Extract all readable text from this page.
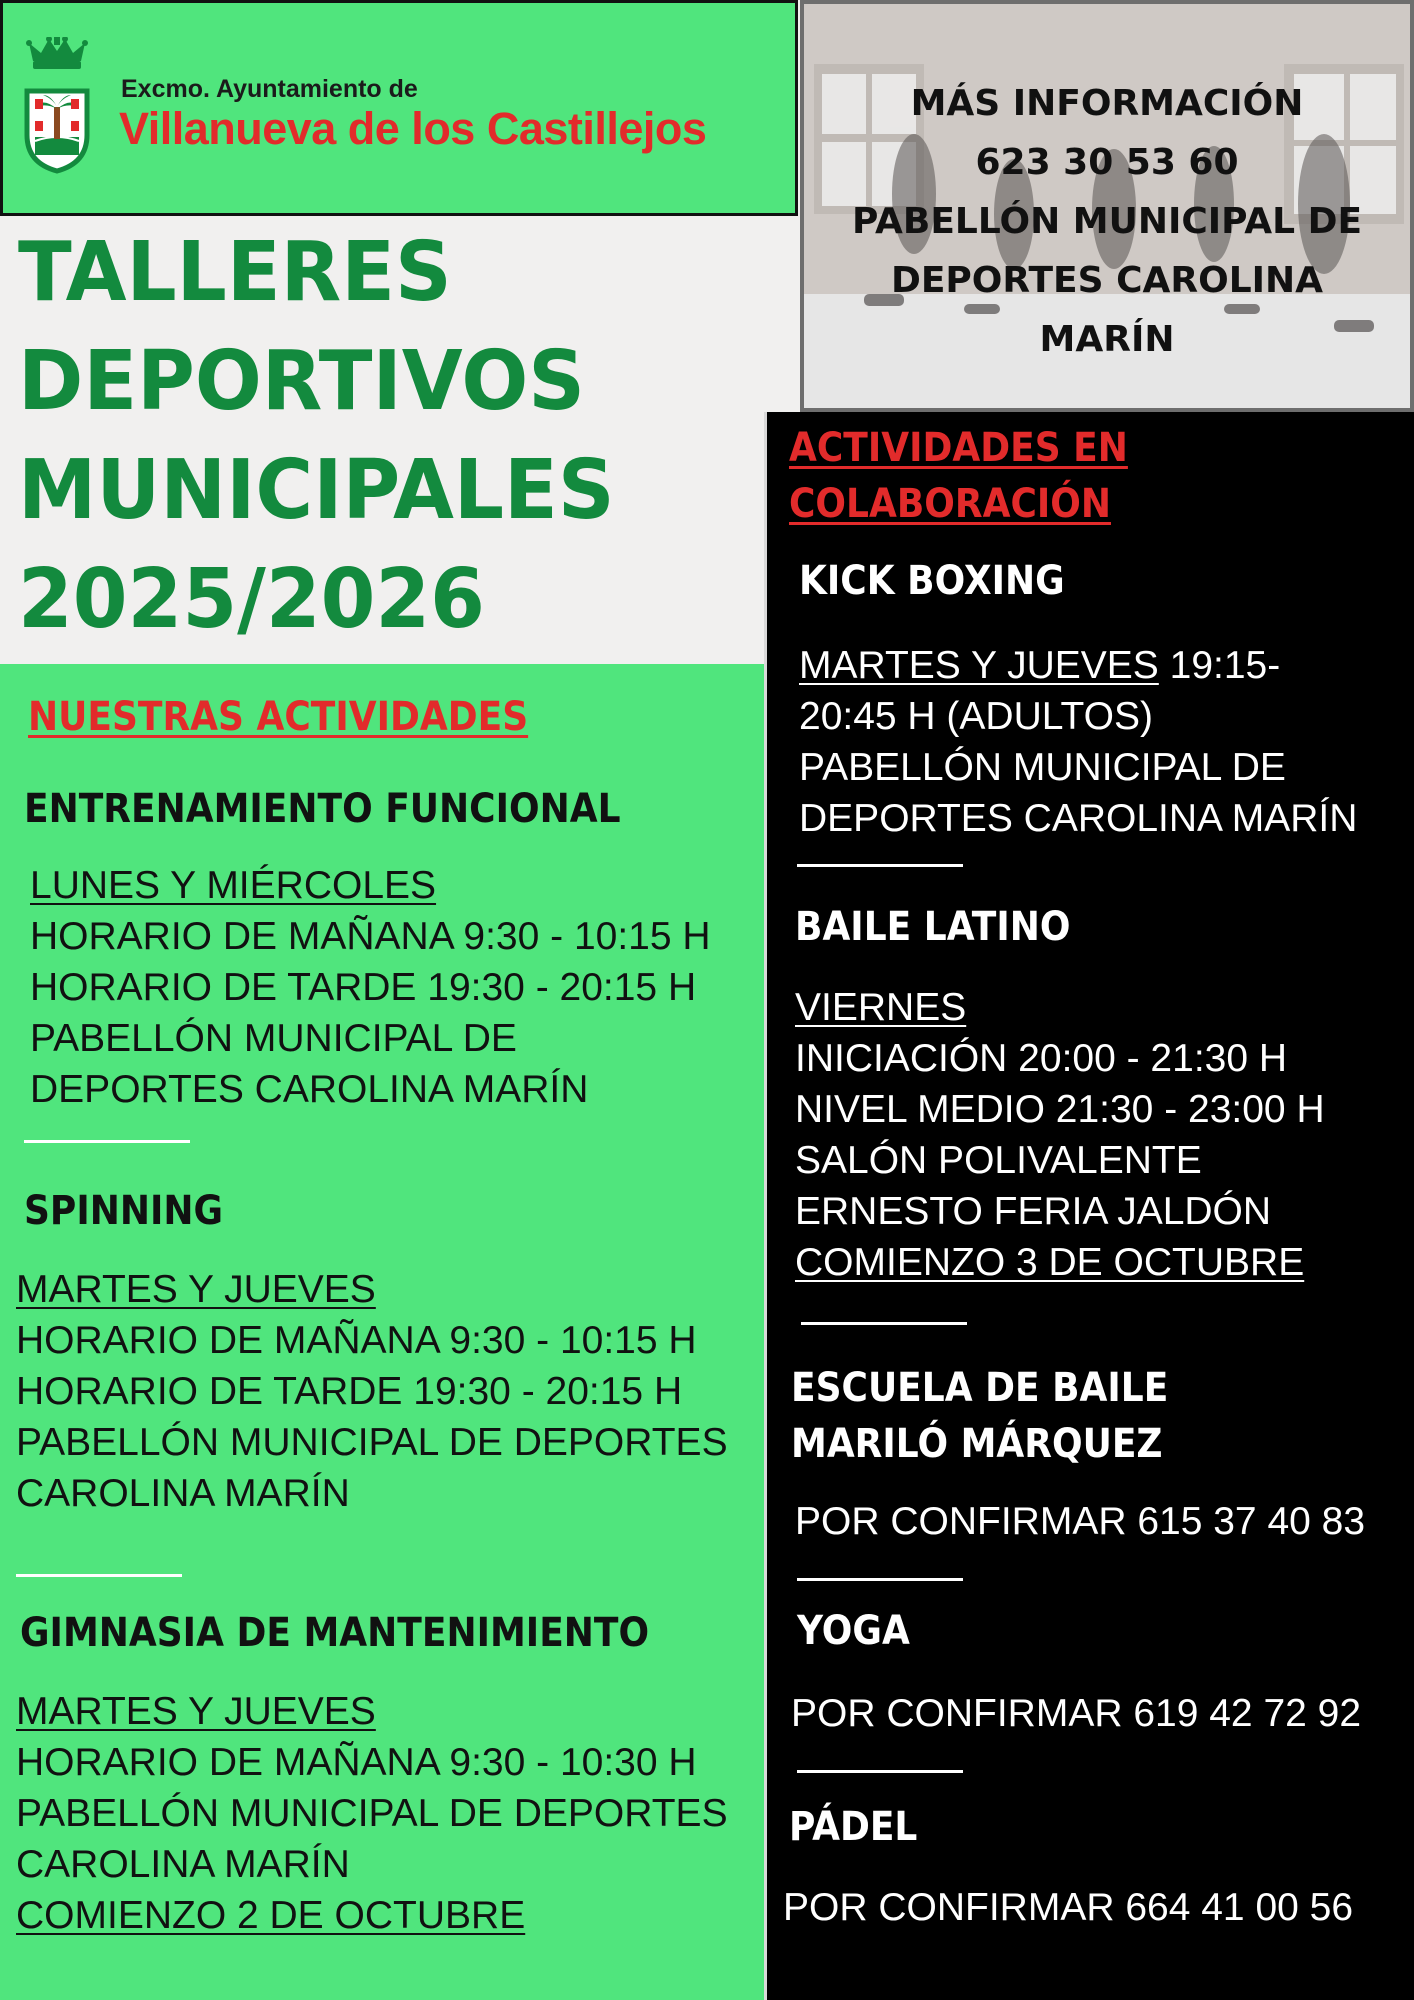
Excmo. Ayuntamiento de
Villanueva de los Castillejos	MÁS INFORMACIÓN
623 30 53 60
PABELLÓN MUNICIPAL DE
DEPORTES CAROLINA
MARÍN
TALLERES
DEPORTIVOS
MUNICIPALES
2025/2026
NUESTRAS ACTIVIDADES
ENTRENAMIENTO FUNCIONAL
LUNES Y MIÉRCOLES
HORARIO DE MAÑANA 9:30 - 10:15 H
HORARIO DE TARDE 19:30 - 20:15 H
PABELLÓN MUNICIPAL DE
DEPORTES CAROLINA MARÍN
SPINNING
MARTES Y JUEVES
HORARIO DE MAÑANA 9:30 - 10:15 H
HORARIO DE TARDE 19:30 - 20:15 H
PABELLÓN MUNICIPAL DE DEPORTES
CAROLINA MARÍN
GIMNASIA DE MANTENIMIENTO
MARTES Y JUEVES
HORARIO DE MAÑANA 9:30 - 10:30 H
PABELLÓN MUNICIPAL DE DEPORTES
CAROLINA MARÍN
COMIENZO 2 DE OCTUBRE
ACTIVIDADES EN
COLABORACIÓN
KICK BOXING
MARTES Y JUEVES 19:15-
20:45 H (ADULTOS)
PABELLÓN MUNICIPAL DE
DEPORTES CAROLINA MARÍN
BAILE LATINO
VIERNES
INICIACIÓN 20:00 - 21:30 H
NIVEL MEDIO 21:30 - 23:00 H
SALÓN POLIVALENTE
ERNESTO FERIA JALDÓN
COMIENZO 3 DE OCTUBRE
ESCUELA DE BAILE
MARILÓ MÁRQUEZ
POR CONFIRMAR 615 37 40 83
YOGA
POR CONFIRMAR 619 42 72 92
PÁDEL
POR CONFIRMAR 664 41 00 56
